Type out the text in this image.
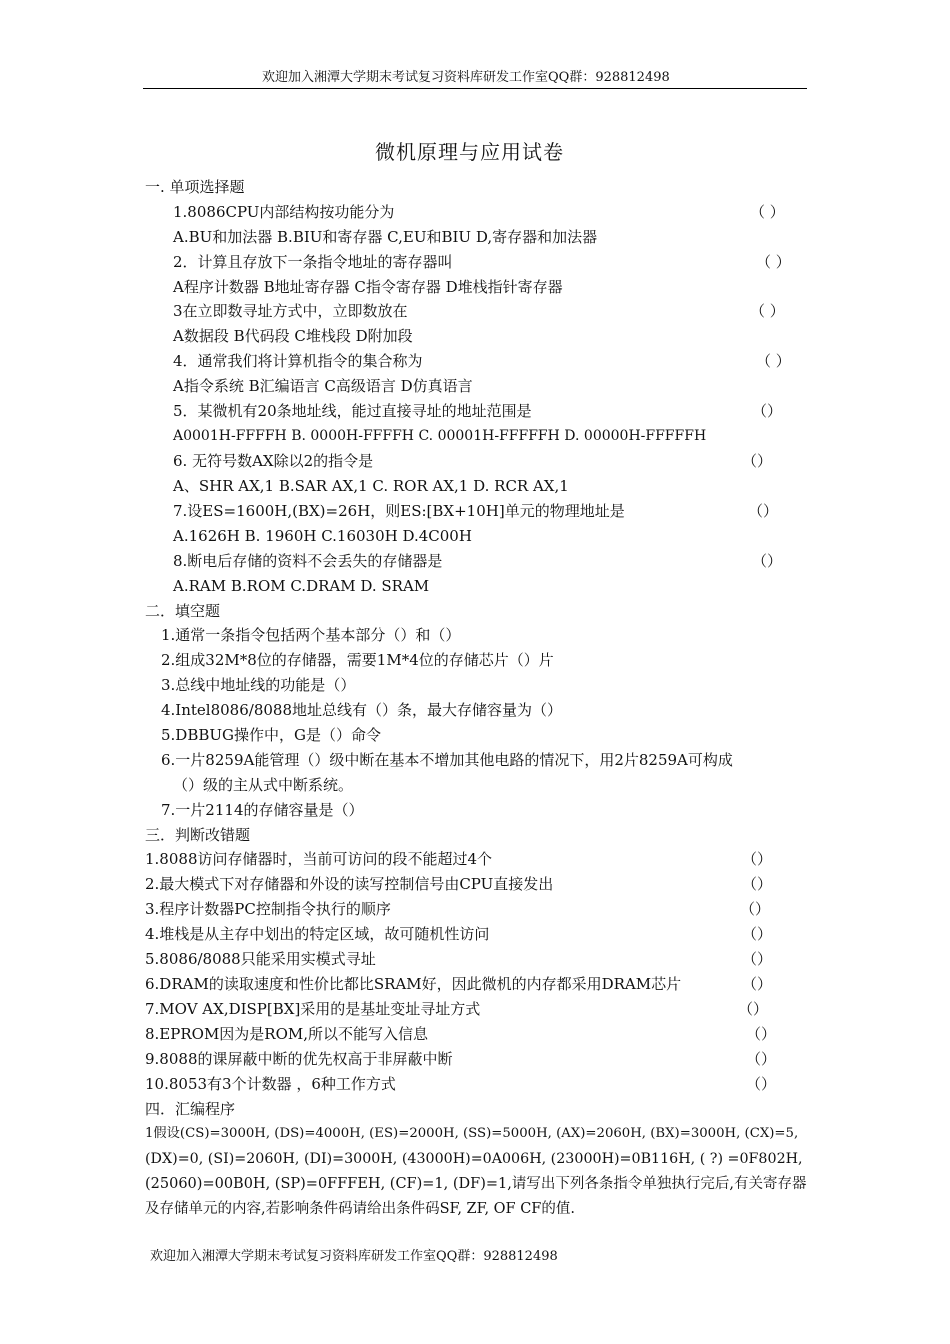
欢迎加入湘潭大学期末考试复习资料库研发工作室QQ群：928812498
微机原理与应用试卷
一. 单项选择题
1.8086CPU内部结构按功能分为	（ ）
A.BU和加法器 B.BIU和寄存器 C,EU和BIU D,寄存器和加法器
2．计算且存放下一条指令地址的寄存器叫	（ ）
A程序计数器 B地址寄存器 C指令寄存器 D堆栈指针寄存器
3在立即数寻址方式中，立即数放在	（ ）
A数据段 B代码段 C堆栈段 D附加段
4．通常我们将计算机指令的集合称为	（ ）
A指令系统 B汇编语言 C高级语言 D仿真语言
5．某微机有20条地址线，能过直接寻址的地址范围是	（）
A0001H-FFFFH B. 0000H-FFFFH C. 00001H-FFFFFH D. 00000H-FFFFFH
6. 无符号数AX除以2的指令是	（）
A、SHR AX,1 B.SAR AX,1 C. ROR AX,1 D. RCR AX,1
7.设ES=1600H,(BX)=26H，则ES:[BX+10H]单元的物理地址是	（）
A.1626H B. 1960H C.16030H D.4C00H
8.断电后存储的资料不会丢失的存储器是	（）
A.RAM B.ROM C.DRAM D. SRAM
二．填空题
1.通常一条指令包括两个基本部分（）和（）
2.组成32M*8位的存储器，需要1M*4位的存储芯片（）片
3.总线中地址线的功能是（）
4.Intel8086/8088地址总线有（）条，最大存储容量为（）
5.DBBUG操作中，G是（）命令
6.一片8259A能管理（）级中断在基本不增加其他电路的情况下，用2片8259A可构成
（）级的主从式中断系统。
7.一片2114的存储容量是（）
三．判断改错题
1.8088访问存储器时，当前可访问的段不能超过4个	（）
2.最大模式下对存储器和外设的读写控制信号由CPU直接发出	（）
3.程序计数器PC控制指令执行的顺序	（）
4.堆栈是从主存中划出的特定区域，故可随机性访问	（）
5.8086/8088只能采用实模式寻址	（）
6.DRAM的读取速度和性价比都比SRAM好，因此微机的内存都采用DRAM芯片	（）
7.MOV AX,DISP[BX]采用的是基址变址寻址方式	（）
8.EPROM因为是ROM,所以不能写入信息	（）
9.8088的课屏蔽中断的优先权高于非屏蔽中断	（）
10.8053有3个计数器 ，6种工作方式	（）
四．汇编程序
1假设(CS)=3000H, (DS)=4000H, (ES)=2000H, (SS)=5000H, (AX)=2060H, (BX)=3000H, (CX)=5,
(DX)=0, (SI)=2060H, (DI)=3000H, (43000H)=0A006H, (23000H)=0B116H, ( ?) =0F802H,
(25060)=00B0H, (SP)=0FFFEH, (CF)=1, (DF)=1,请写出下列各条指令单独执行完后,有关寄存器
及存储单元的内容,若影响条件码请给出条件码SF, ZF, OF CF的值.
欢迎加入湘潭大学期末考试复习资料库研发工作室QQ群：928812498
